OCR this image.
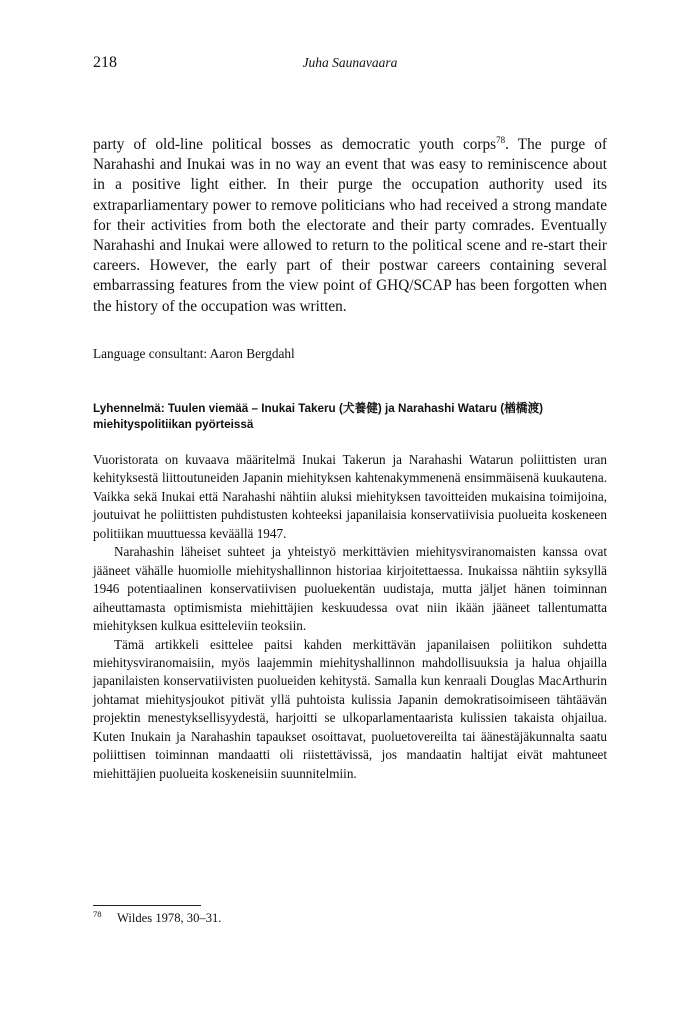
218	Juha Saunavaara

party of old-line political bosses as democratic youth corps$^{78}$. The purge of Narahashi and Inukai was in no way an event that was easy to reminiscence about in a positive light either. In their purge the occupation authority used its extraparliamentary power to remove politicians who had received a strong mandate for their activities from both the electorate and their party comrades. Eventually Narahashi and Inukai were allowed to return to the political scene and re-start their careers. However, the early part of their postwar careers containing several embarrassing features from the view point of GHQ/SCAP has been forgotten when the history of the occupation was written.

Language consultant: Aaron Bergdahl

Lyhennelmä: Tuulen viemää – Inukai Takeru (犬養健) ja Narahashi Wataru (楢橋渡) miehityspolitiikan pyörteissä

Vuoristorata on kuvaava määritelmä Inukai Takerun ja Narahashi Watarun poliittisten uran kehityksestä liittoutuneiden Japanin miehityksen kahtenakymmenenä ensimmäisenä kuukautena. Vaikka sekä Inukai että Narahashi nähtiin aluksi miehityksen tavoitteiden mukaisina toimijoina, joutuivat he poliittisten puhdistusten kohteeksi japanilaisia konservatiivisia puolueita koskeneen politiikan muuttuessa keväällä 1947.

Narahashin läheiset suhteet ja yhteistyö merkittävien miehitysviranomaisten kanssa ovat jääneet vähälle huomiolle miehityshallinnon historiaa kirjoitettaessa. Inukaissa nähtiin syksyllä 1946 potentiaalinen konservatiivisen puoluekentän uudistaja, mutta jäljet hänen toiminnan aiheuttamasta optimismista miehittäjien keskuudessa ovat niin ikään jääneet tallentumatta miehityksen kulkua esitteleviin teoksiin.

Tämä artikkeli esittelee paitsi kahden merkittävän japanilaisen poliitikon suhdetta miehitysviranomaisiin, myös laajemmin miehityshallinnon mahdollisuuksia ja halua ohjailla japanilaisten konservatiivisten puolueiden kehitystä. Samalla kun kenraali Douglas MacArthurin johtamat miehitysjoukot pitivät yllä puhtoista kulissia Japanin demokratisoimiseen tähtäävän projektin menestyksellisyydestä, harjoitti se ulkoparlamentaarista kulissien takaista ohjailua. Kuten Inukain ja Narahashin tapaukset osoittavat, puoluetovereilta tai äänestäjäkunnalta saatu poliittisen toiminnan mandaatti oli riistettävissä, jos mandaatin haltijat eivät mahtuneet miehittäjien puolueita koskeneisiin suunnitelmiin.

78 Wildes 1978, 30–31.
